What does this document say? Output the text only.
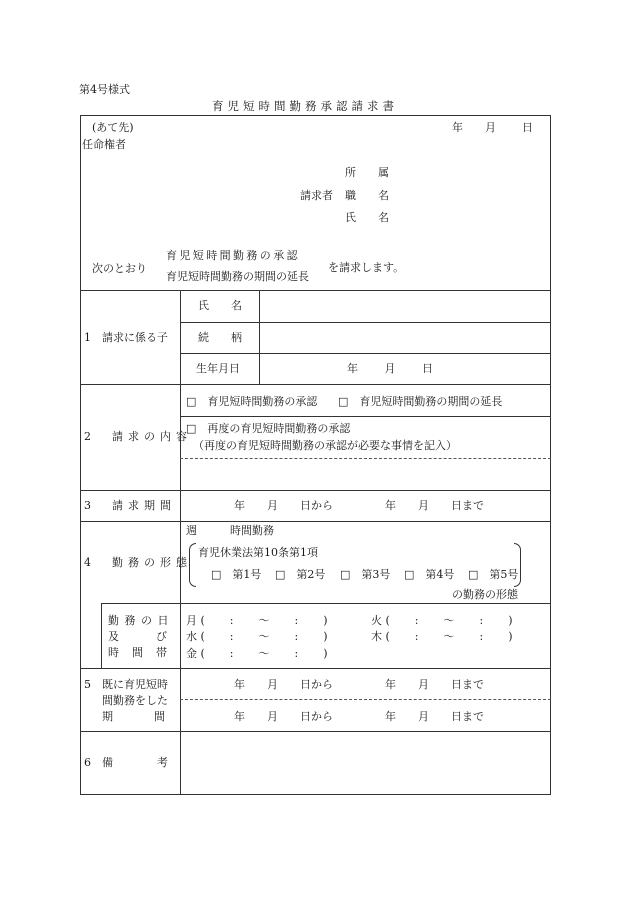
第4号様式
育児短時間勤務承認請求書
(あて先)
任命権者
年 月 日
請求者
所　　属
職　　名
氏　　名
次のとおり
育児短時間勤務の承認
育児短時間勤務の期間の延長
を請求します。
1　請求に係る子
氏　　名
続　　柄
生年月日	年　　月　　日
2　請求の内容
□　育児短時間勤務の承認 □　育児短時間勤務の期間の延長
□　再度の育児短時間勤務の承認
（再度の育児短時間勤務の承認が必要な事情を記入）
3　請求期間	年　　月　　日から	年　　月　　日まで
4　勤務の形態
週　　　時間勤務
育児休業法第10条第1項
□　第1号 □　第2号 □　第3号 □　第4号 □　第5号
の勤務の形態
勤 務 の 日
及　　　び
時　間　帯
月(　 :　 〜　 :　 )	火(　 :　 〜　 :　 )
水(　 :　 〜　 :　 )	木(　 :　 〜　 :　 )
金(　 :　 〜　 :　 )
5　既に育児短時
間勤務をした
期　　　間
年　　月　　日から	年　　月　　日まで
年　　月　　日から	年　　月　　日まで
6　備　　　　考
